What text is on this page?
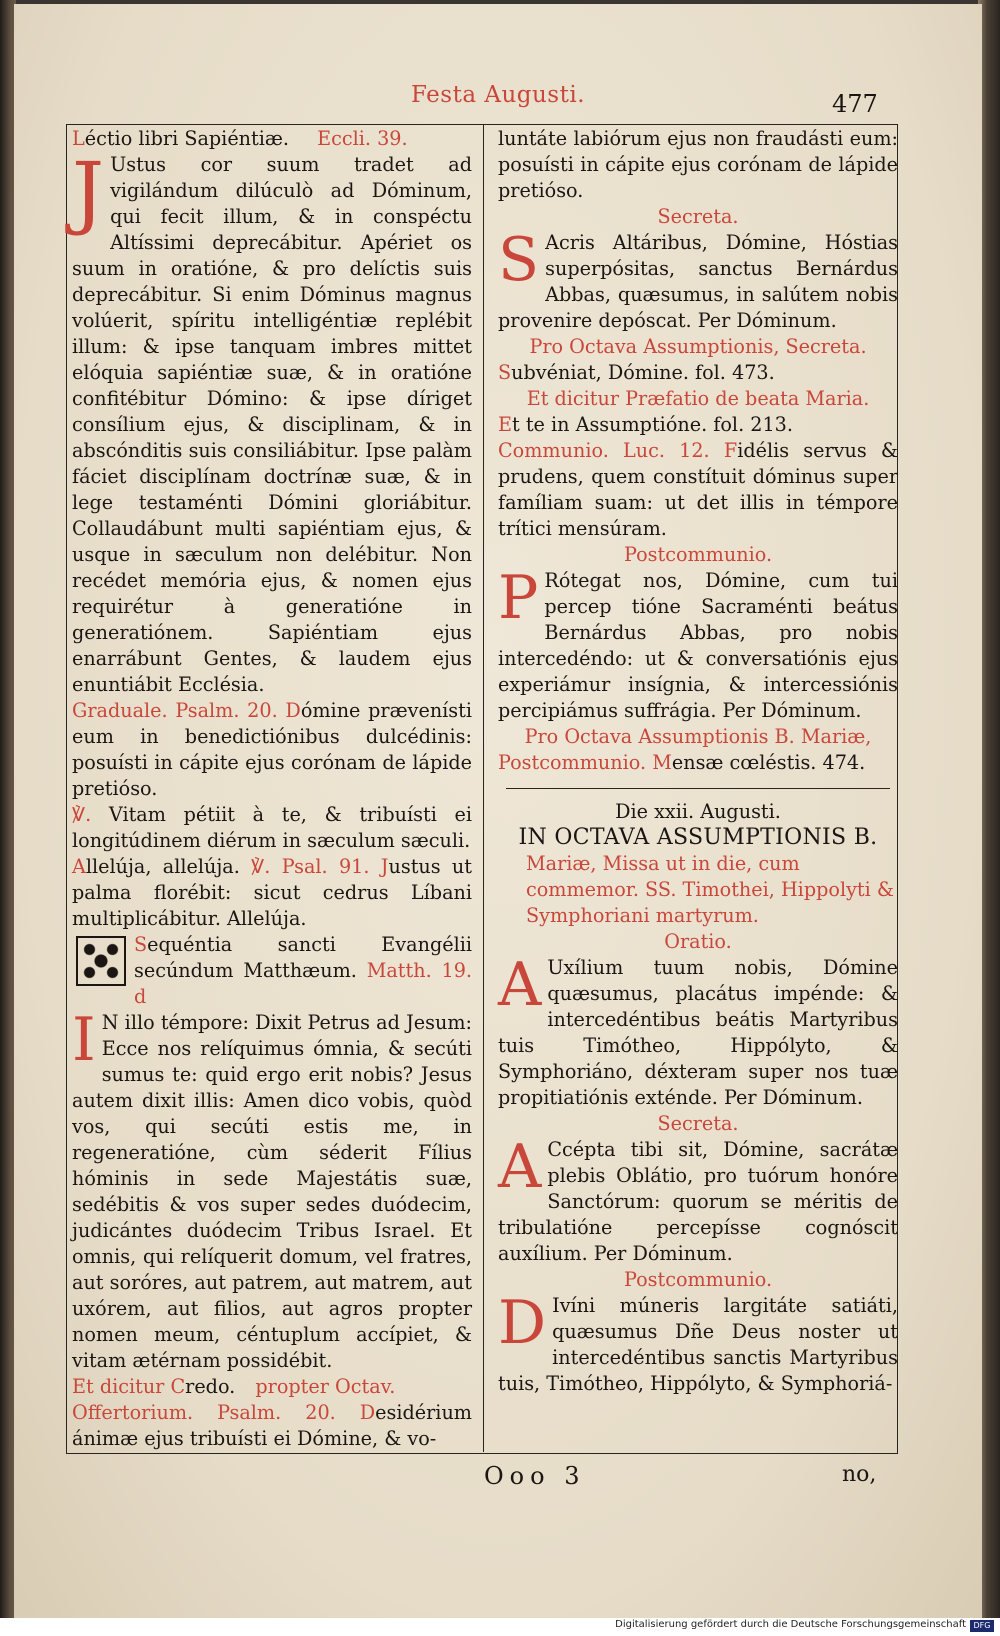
Festa Augusti.	477

Léctio libri Sapiéntiæ. Eccli. 39.

J Ustus cor suum tradet ad vigilándum dilúculò ad Dóminum, qui fecit illum, & in conspéctu Altíssimi deprecábitur. Apériet os suum in oratióne, & pro delíctis suis deprecábitur. Si enim Dóminus magnus volúerit, spíritu intelligéntiæ replébit illum: & ipse tanquam imbres mittet elóquia sapiéntiæ suæ, & in oratióne confitébitur Dómino: & ipse díriget consílium ejus, & disciplinam, & in abscónditis suis consiliábitur. Ipse palàm fáciet disciplínam doctrínæ suæ, & in lege testaménti Dómini gloriábitur. Collaudábunt multi sapiéntiam ejus, & usque in sæculum non delébitur. Non recédet memória ejus, & nomen ejus requirétur à generatióne in generatiónem. Sapiéntiam ejus enarrábunt Gentes, & laudem ejus enuntiábit Ecclésia.

Graduale. Psalm. 20. Dómine prævenísti eum in benedictiónibus dulcédinis: posuísti in cápite ejus corónam de lápide pretióso.

℣. Vitam pétiit à te, & tribuísti ei longitúdinem diérum in sæculum sæculi.

Allelúja, allelúja. ℣. Psal. 91. Justus ut palma florébit: sicut cedrus Líbani multiplicábitur. Allelúja.

Sequéntia sancti Evangélii secúndum Matthæum. Matth. 19. d

I N illo témpore: Dixit Petrus ad Jesum: Ecce nos relíquimus ómnia, & secúti sumus te: quid ergo erit nobis? Jesus autem dixit illis: Amen dico vobis, quòd vos, qui secúti estis me, in regeneratióne, cùm séderit Fílius hóminis in sede Majestátis suæ, sedébitis & vos super sedes duódecim, judicántes duódecim Tribus Israel. Et omnis, qui relíquerit domum, vel fratres, aut soróres, aut patrem, aut matrem, aut uxórem, aut filios, aut agros propter nomen meum, céntuplum accípiet, & vitam ætérnam possidébit.

Et dicitur Credo. propter Octav.

Offertorium. Psalm. 20. Desidérium ánimæ ejus tribuísti ei Dómine, & vo-

luntáte labiórum ejus non fraudásti eum: posuísti in cápite ejus corónam de lápide pretióso.

Secreta.

S Acris Altáribus, Dómine, Hóstias superpósitas, sanctus Bernárdus Abbas, quæsumus, in salútem nobis provenire depóscat. Per Dóminum.

Pro Octava Assumptionis, Secreta.

Subvéniat, Dómine. fol. 473.

Et dicitur Præfatio de beata Maria.

Et te in Assumptióne. fol. 213.

Communio. Luc. 12. Fidélis servus & prudens, quem constítuit dóminus super famíliam suam: ut det illis in témpore trítici mensúram.

Postcommunio.

P Rótegat nos, Dómine, cum tui percep tióne Sacraménti beátus Bernárdus Abbas, pro nobis intercedéndo: ut & conversatiónis ejus experiámur insígnia, & intercessiónis percipiámus suffrágia. Per Dóminum.

Pro Octava Assumptionis B. Mariæ,

Postcommunio. Mensæ cœléstis. 474.

Die xxii. Augusti.

IN OCTAVA ASSUMPTIONIS B.

Mariæ, Missa ut in die, cum commemor. SS. Timothei, Hippolyti & Symphoriani martyrum.

Oratio.

A Uxílium tuum nobis, Dómine quæsumus, placátus impénde: & intercedéntibus beátis Martyribus tuis Timótheo, Hippólyto, & Symphoriáno, déxteram super nos tuæ propitiatiónis exténde. Per Dóminum.

Secreta.

A Ccépta tibi sit, Dómine, sacrátæ plebis Oblátio, pro tuórum honóre Sanctórum: quorum se méritis de tribulatióne percepísse cognóscit auxílium. Per Dóminum.

Postcommunio.

D Ivíni múneris largitáte satiáti, quæsumus Dñe Deus noster ut intercedéntibus sanctis Martyribus tuis, Timótheo, Hippólyto, & Symphoriá-

Ooo 3	no,
Digitalisierung gefördert durch die Deutsche Forschungsgemeinschaft DFG
